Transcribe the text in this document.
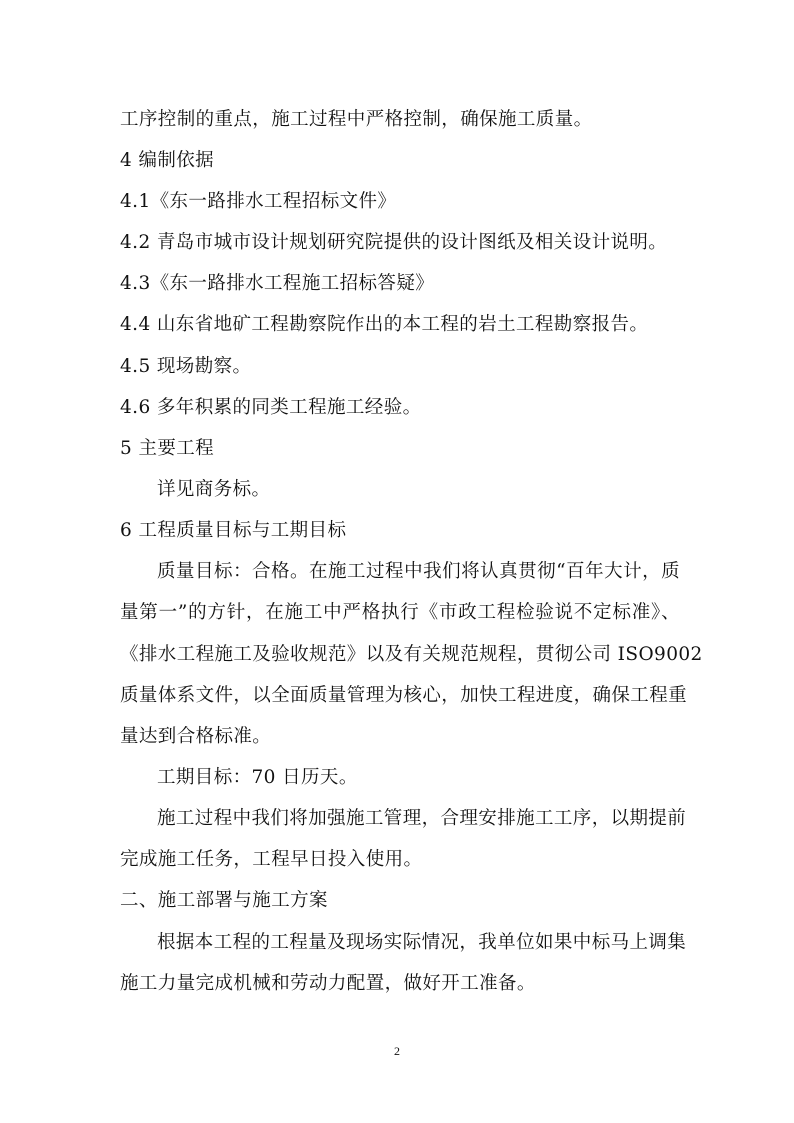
工序控制的重点，施工过程中严格控制，确保施工质量。
4 编制依据
4.1《东一路排水工程招标文件》
4.2 青岛市城市设计规划研究院提供的设计图纸及相关设计说明。
4.3《东一路排水工程施工招标答疑》
4.4 山东省地矿工程勘察院作出的本工程的岩土工程勘察报告。
4.5 现场勘察。
4.6 多年积累的同类工程施工经验。
5 主要工程
详见商务标。
6 工程质量目标与工期目标
质量目标：合格。在施工过程中我们将认真贯彻“百年大计，质
量第一”的方针，在施工中严格执行《市政工程检验说不定标准》、
《排水工程施工及验收规范》以及有关规范规程，贯彻公司 ISO9002
质量体系文件，以全面质量管理为核心，加快工程进度，确保工程重
量达到合格标准。
工期目标：70 日历天。
施工过程中我们将加强施工管理，合理安排施工工序，以期提前
完成施工任务，工程早日投入使用。
二、施工部署与施工方案
根据本工程的工程量及现场实际情况，我单位如果中标马上调集
施工力量完成机械和劳动力配置，做好开工准备。
2
